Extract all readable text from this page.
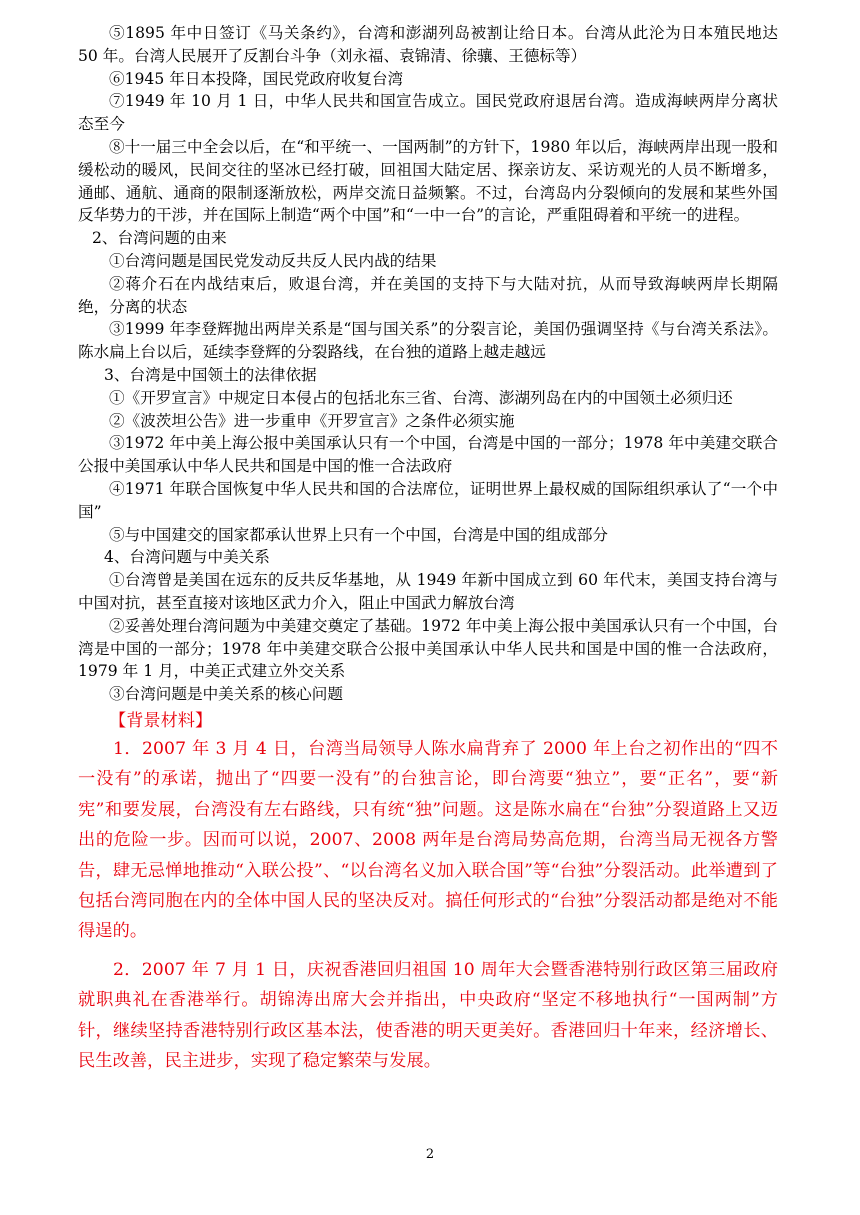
⑤1895 年中日签订《马关条约》，台湾和澎湖列岛被割让给日本。台湾从此沦为日本殖民地达 50 年。台湾人民展开了反割台斗争（刘永福、袁锦清、徐骧、王德标等）

⑥1945 年日本投降，国民党政府收复台湾

⑦1949 年 10 月 1 日，中华人民共和国宣告成立。国民党政府退居台湾。造成海峡两岸分离状态至今

⑧十一届三中全会以后，在“和平统一、一国两制”的方针下，1980 年以后，海峡两岸出现一股和缓松动的暖风，民间交往的坚冰已经打破，回祖国大陆定居、探亲访友、采访观光的人员不断增多，通邮、通航、通商的限制逐渐放松，两岸交流日益频繁。不过，台湾岛内分裂倾向的发展和某些外国反华势力的干涉，并在国际上制造“两个中国”和“一中一台”的言论，严重阻碍着和平统一的进程。

2、台湾问题的由来

①台湾问题是国民党发动反共反人民内战的结果

②蒋介石在内战结束后，败退台湾，并在美国的支持下与大陆对抗，从而导致海峡两岸长期隔绝，分离的状态

③1999 年李登辉抛出两岸关系是“国与国关系”的分裂言论，美国仍强调坚持《与台湾关系法》。陈水扁上台以后，延续李登辉的分裂路线，在台独的道路上越走越远

3、台湾是中国领土的法律依据

①《开罗宣言》中规定日本侵占的包括北东三省、台湾、澎湖列岛在内的中国领土必须归还

②《波茨坦公告》进一步重申《开罗宣言》之条件必须实施

③1972 年中美上海公报中美国承认只有一个中国，台湾是中国的一部分；1978 年中美建交联合公报中美国承认中华人民共和国是中国的惟一合法政府

④1971 年联合国恢复中华人民共和国的合法席位，证明世界上最权威的国际组织承认了“一个中国”

⑤与中国建交的国家都承认世界上只有一个中国，台湾是中国的组成部分

4、台湾问题与中美关系

①台湾曾是美国在远东的反共反华基地，从 1949 年新中国成立到 60 年代末，美国支持台湾与中国对抗，甚至直接对该地区武力介入，阻止中国武力解放台湾

②妥善处理台湾问题为中美建交奠定了基础。1972 年中美上海公报中美国承认只有一个中国，台湾是中国的一部分；1978 年中美建交联合公报中美国承认中华人民共和国是中国的惟一合法政府，1979 年 1 月，中美正式建立外交关系

③台湾问题是中美关系的核心问题

【背景材料】

1．2007 年 3 月 4 日，台湾当局领导人陈水扁背弃了 2000 年上台之初作出的“四不一没有”的承诺，抛出了“四要一没有”的台独言论，即台湾要“独立”，要“正名”，要“新宪”和要发展，台湾没有左右路线，只有统“独”问题。这是陈水扁在“台独”分裂道路上又迈出的危险一步。因而可以说，2007、2008 两年是台湾局势高危期，台湾当局无视各方警告，肆无忌惮地推动“入联公投”、“以台湾名义加入联合国”等“台独”分裂活动。此举遭到了包括台湾同胞在内的全体中国人民的坚决反对。搞任何形式的“台独”分裂活动都是绝对不能得逞的。

2．2007 年 7 月 1 日，庆祝香港回归祖国 10 周年大会暨香港特别行政区第三届政府就职典礼在香港举行。胡锦涛出席大会并指出，中央政府“坚定不移地执行“一国两制”方针，继续坚持香港特别行政区基本法，使香港的明天更美好。香港回归十年来，经济增长、民生改善，民主进步，实现了稳定繁荣与发展。

2
